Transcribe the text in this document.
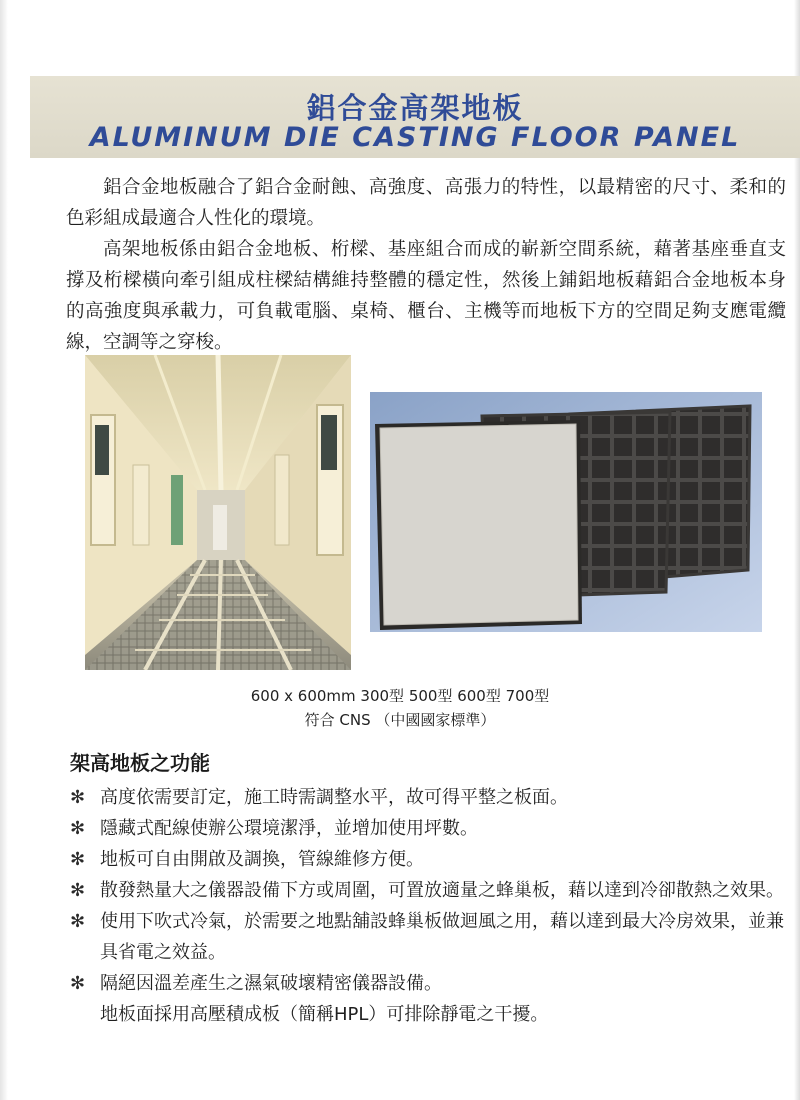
鋁合金高架地板
ALUMINUM DIE CASTING FLOOR PANEL

鋁合金地板融合了鋁合金耐蝕、高強度、高張力的特性，以最精密的尺寸、柔和的色彩組成最適合人性化的環境。

高架地板係由鋁合金地板、桁樑、基座組合而成的嶄新空間系統，藉著基座垂直支撐及桁樑橫向牽引組成柱樑結構維持整體的穩定性，然後上鋪鋁地板藉鋁合金地板本身的高強度與承載力，可負載電腦、桌椅、櫃台、主機等而地板下方的空間足夠支應電纜線，空調等之穿梭。

600 x 600mm 300型 500型 600型 700型
符合 CNS （中國國家標準）
架高地板之功能
✻ 高度依需要訂定，施工時需調整水平，故可得平整之板面。
✻ 隱藏式配線使辦公環境潔淨，並增加使用坪數。
✻ 地板可自由開啟及調換，管線維修方便。
✻ 散發熱量大之儀器設備下方或周圍，可置放適量之蜂巢板，藉以達到冷卻散熱之效果。
✻ 使用下吹式冷氣，於需要之地點舖設蜂巢板做迴風之用，藉以達到最大冷房效果，並兼具省電之效益。
✻ 隔絕因溫差產生之濕氣破壞精密儀器設備。
地板面採用高壓積成板（簡稱HPL）可排除靜電之干擾。
